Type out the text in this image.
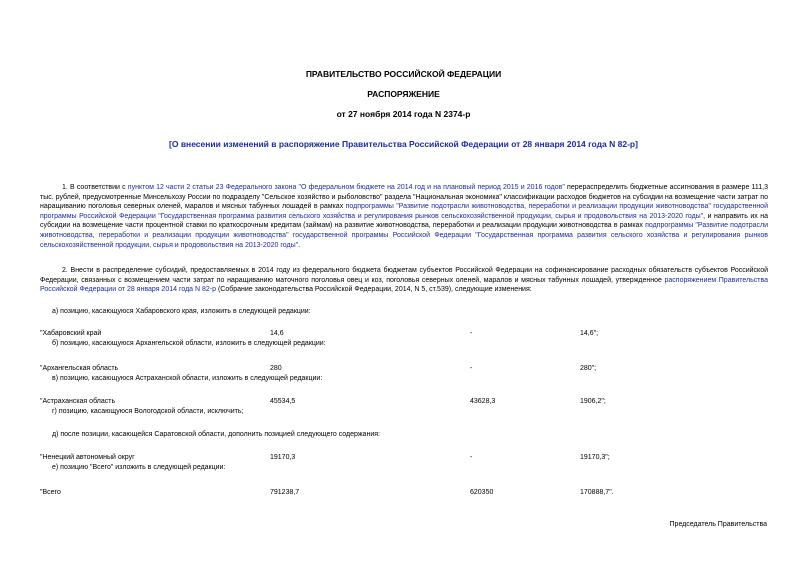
ПРАВИТЕЛЬСТВО РОССИЙСКОЙ ФЕДЕРАЦИИ
РАСПОРЯЖЕНИЕ
от 27 ноября 2014 года N 2374-р
[О внесении изменений в распоряжение Правительства Российской Федерации от 28 января 2014 года N 82-р]
1. В соответствии с пунктом 12 части 2 статьи 23 Федерального закона "О федеральном бюджете на 2014 год и на плановый период 2015 и 2016 годов" перераспределить бюджетные ассигнования в размере 111,3 тыс. рублей, предусмотренные Минсельхозу России по подразделу "Сельское хозяйство и рыболовство" раздела "Национальная экономика" классификации расходов бюджетов на субсидии на возмещение части затрат по наращиванию поголовья северных оленей, маралов и мясных табунных лошадей в рамках подпрограммы "Развитие подотрасли животноводства, переработки и реализации продукции животноводства" государственной программы Российской Федерации "Государственная программа развития сельского хозяйства и регулирования рынков сельскохозяйственной продукции, сырья и продовольствия на 2013-2020 годы", и направить их на субсидии на возмещение части процентной ставки по краткосрочным кредитам (займам) на развитие животноводства, переработки и реализации продукции животноводства в рамках подпрограммы "Развитие подотрасли животноводства, переработки и реализации продукции животноводства" государственной программы Российской Федерации "Государственная программа развития сельского хозяйства и регулирования рынков сельскохозяйственной продукции, сырья и продовольствия на 2013-2020 годы".
2. Внести в распределение субсидий, предоставляемых в 2014 году из федерального бюджета бюджетам субъектов Российской Федерации на софинансирование расходных обязательств субъектов Российской Федерации, связанных с возмещением части затрат по наращиванию маточного поголовья овец и коз, поголовья северных оленей, маралов и мясных табунных лошадей, утвержденное распоряжением Правительства Российской Федерации от 28 января 2014 года N 82-р (Собрание законодательства Российской Федерации, 2014, N 5, ст.539), следующие изменения:
а) позицию, касающуюся Хабаровского края, изложить в следующей редакции:
"Хабаровский край	14,6	-	14,6";
б) позицию, касающуюся Архангельской области, изложить в следующей редакции:
"Архангельская область	280	-	280";
в) позицию, касающуюся Астраханской области, изложить в следующей редакции:
"Астраханская область	45534,5	43628,3	1906,2";
г) позицию, касающуюся Вологодской области, исключить;
д) после позиции, касающейся Саратовской области, дополнить позицией следующего содержания:
"Ненецкий автономный округ	19170,3	-	19170,3";
е) позицию "Всего" изложить в следующей редакции:
"Всего	791238,7	620350	170888,7".
Председатель Правительства
